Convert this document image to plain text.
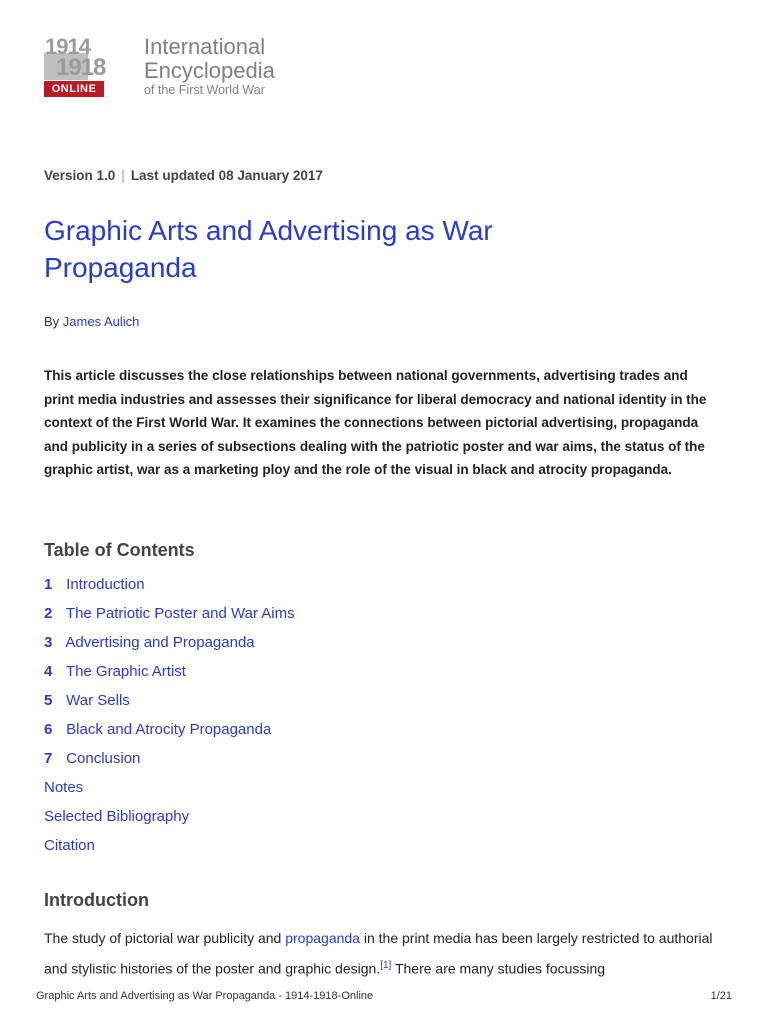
1914
1918
ONLINE
International
Encyclopedia
of the First World War
Version 1.0 | Last updated 08 January 2017
Graphic Arts and Advertising as War Propaganda
By James Aulich

This article discusses the close relationships between national governments, advertising trades and print media industries and assesses their significance for liberal democracy and national identity in the context of the First World War. It examines the connections between pictorial advertising, propaganda and publicity in a series of subsections dealing with the patriotic poster and war aims, the status of the graphic artist, war as a marketing ploy and the role of the visual in black and atrocity propaganda.

Table of Contents
1 Introduction
2 The Patriotic Poster and War Aims
3 Advertising and Propaganda
4 The Graphic Artist
5 War Sells
6 Black and Atrocity Propaganda
7 Conclusion
Notes
Selected Bibliography
Citation
Introduction

The study of pictorial war publicity and propaganda in the print media has been largely restricted to authorial and stylistic histories of the poster and graphic design.[1] There are many studies focussing

Graphic Arts and Advertising as War Propaganda - 1914-1918-Online	1/21
